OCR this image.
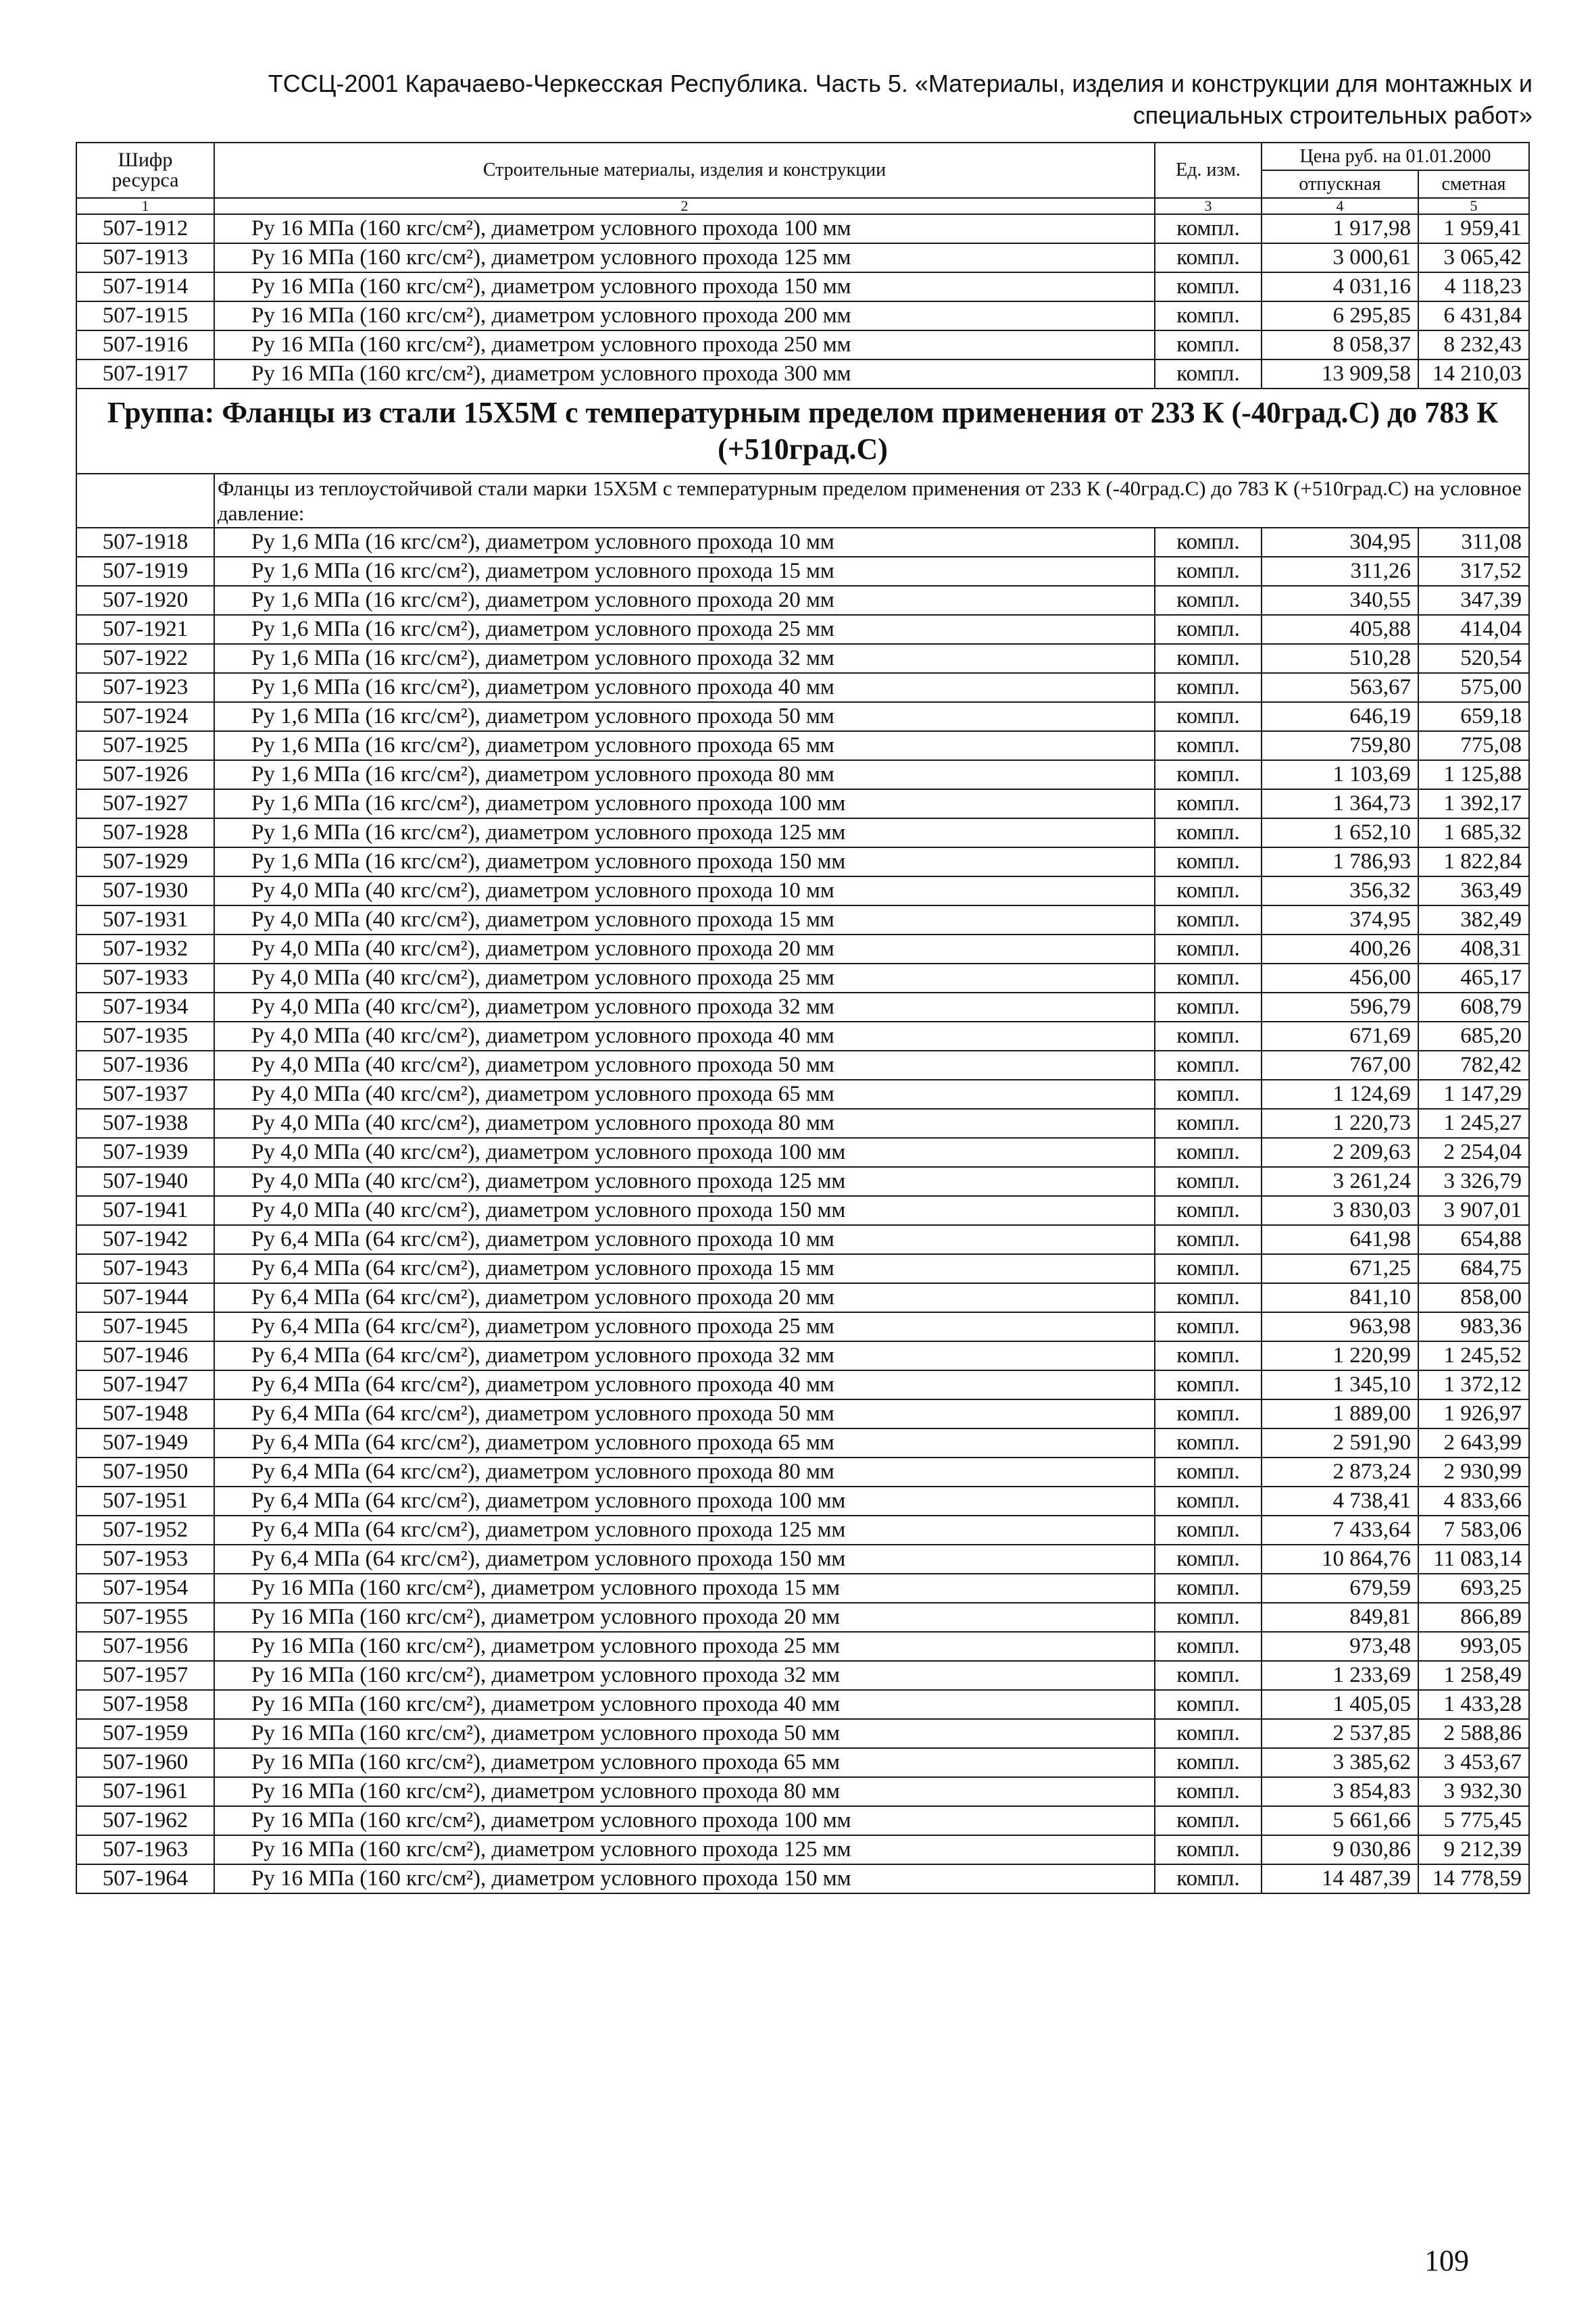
ТССЦ-2001 Карачаево-Черкесская Республика. Часть 5. «Материалы, изделия и конструкции для монтажных и
специальных строительных работ»
Шифр ресурса	Строительные материалы, изделия и конструкции	Ед. изм.	Цена руб. на 01.01.2000	
			отпускная	сметная
1	2	3	4	5
507-1912	Ру 16 МПа (160 кгс/см²), диаметром условного прохода 100 мм	компл.	1 917,98	1 959,41
507-1913	Ру 16 МПа (160 кгс/см²), диаметром условного прохода 125 мм	компл.	3 000,61	3 065,42
507-1914	Ру 16 МПа (160 кгс/см²), диаметром условного прохода 150 мм	компл.	4 031,16	4 118,23
507-1915	Ру 16 МПа (160 кгс/см²), диаметром условного прохода 200 мм	компл.	6 295,85	6 431,84
507-1916	Ру 16 МПа (160 кгс/см²), диаметром условного прохода 250 мм	компл.	8 058,37	8 232,43
507-1917	Ру 16 МПа (160 кгс/см²), диаметром условного прохода 300 мм	компл.	13 909,58	14 210,03
Группа: Фланцы из стали 15Х5М с температурным пределом применения от 233 К (-40град.С) до 783 К (+510град.С)				
	Фланцы из теплоустойчивой стали марки 15Х5М с температурным пределом применения от 233 К (-40град.С) до 783 К (+510град.С) на условное давление:			
507-1918	Ру 1,6 МПа (16 кгс/см²), диаметром условного прохода 10 мм	компл.	304,95	311,08
507-1919	Ру 1,6 МПа (16 кгс/см²), диаметром условного прохода 15 мм	компл.	311,26	317,52
507-1920	Ру 1,6 МПа (16 кгс/см²), диаметром условного прохода 20 мм	компл.	340,55	347,39
507-1921	Ру 1,6 МПа (16 кгс/см²), диаметром условного прохода 25 мм	компл.	405,88	414,04
507-1922	Ру 1,6 МПа (16 кгс/см²), диаметром условного прохода 32 мм	компл.	510,28	520,54
507-1923	Ру 1,6 МПа (16 кгс/см²), диаметром условного прохода 40 мм	компл.	563,67	575,00
507-1924	Ру 1,6 МПа (16 кгс/см²), диаметром условного прохода 50 мм	компл.	646,19	659,18
507-1925	Ру 1,6 МПа (16 кгс/см²), диаметром условного прохода 65 мм	компл.	759,80	775,08
507-1926	Ру 1,6 МПа (16 кгс/см²), диаметром условного прохода 80 мм	компл.	1 103,69	1 125,88
507-1927	Ру 1,6 МПа (16 кгс/см²), диаметром условного прохода 100 мм	компл.	1 364,73	1 392,17
507-1928	Ру 1,6 МПа (16 кгс/см²), диаметром условного прохода 125 мм	компл.	1 652,10	1 685,32
507-1929	Ру 1,6 МПа (16 кгс/см²), диаметром условного прохода 150 мм	компл.	1 786,93	1 822,84
507-1930	Ру 4,0 МПа (40 кгс/см²), диаметром условного прохода 10 мм	компл.	356,32	363,49
507-1931	Ру 4,0 МПа (40 кгс/см²), диаметром условного прохода 15 мм	компл.	374,95	382,49
507-1932	Ру 4,0 МПа (40 кгс/см²), диаметром условного прохода 20 мм	компл.	400,26	408,31
507-1933	Ру 4,0 МПа (40 кгс/см²), диаметром условного прохода 25 мм	компл.	456,00	465,17
507-1934	Ру 4,0 МПа (40 кгс/см²), диаметром условного прохода 32 мм	компл.	596,79	608,79
507-1935	Ру 4,0 МПа (40 кгс/см²), диаметром условного прохода 40 мм	компл.	671,69	685,20
507-1936	Ру 4,0 МПа (40 кгс/см²), диаметром условного прохода 50 мм	компл.	767,00	782,42
507-1937	Ру 4,0 МПа (40 кгс/см²), диаметром условного прохода 65 мм	компл.	1 124,69	1 147,29
507-1938	Ру 4,0 МПа (40 кгс/см²), диаметром условного прохода 80 мм	компл.	1 220,73	1 245,27
507-1939	Ру 4,0 МПа (40 кгс/см²), диаметром условного прохода 100 мм	компл.	2 209,63	2 254,04
507-1940	Ру 4,0 МПа (40 кгс/см²), диаметром условного прохода 125 мм	компл.	3 261,24	3 326,79
507-1941	Ру 4,0 МПа (40 кгс/см²), диаметром условного прохода 150 мм	компл.	3 830,03	3 907,01
507-1942	Ру 6,4 МПа (64 кгс/см²), диаметром условного прохода 10 мм	компл.	641,98	654,88
507-1943	Ру 6,4 МПа (64 кгс/см²), диаметром условного прохода 15 мм	компл.	671,25	684,75
507-1944	Ру 6,4 МПа (64 кгс/см²), диаметром условного прохода 20 мм	компл.	841,10	858,00
507-1945	Ру 6,4 МПа (64 кгс/см²), диаметром условного прохода 25 мм	компл.	963,98	983,36
507-1946	Ру 6,4 МПа (64 кгс/см²), диаметром условного прохода 32 мм	компл.	1 220,99	1 245,52
507-1947	Ру 6,4 МПа (64 кгс/см²), диаметром условного прохода 40 мм	компл.	1 345,10	1 372,12
507-1948	Ру 6,4 МПа (64 кгс/см²), диаметром условного прохода 50 мм	компл.	1 889,00	1 926,97
507-1949	Ру 6,4 МПа (64 кгс/см²), диаметром условного прохода 65 мм	компл.	2 591,90	2 643,99
507-1950	Ру 6,4 МПа (64 кгс/см²), диаметром условного прохода 80 мм	компл.	2 873,24	2 930,99
507-1951	Ру 6,4 МПа (64 кгс/см²), диаметром условного прохода 100 мм	компл.	4 738,41	4 833,66
507-1952	Ру 6,4 МПа (64 кгс/см²), диаметром условного прохода 125 мм	компл.	7 433,64	7 583,06
507-1953	Ру 6,4 МПа (64 кгс/см²), диаметром условного прохода 150 мм	компл.	10 864,76	11 083,14
507-1954	Ру 16 МПа (160 кгс/см²), диаметром условного прохода 15 мм	компл.	679,59	693,25
507-1955	Ру 16 МПа (160 кгс/см²), диаметром условного прохода 20 мм	компл.	849,81	866,89
507-1956	Ру 16 МПа (160 кгс/см²), диаметром условного прохода 25 мм	компл.	973,48	993,05
507-1957	Ру 16 МПа (160 кгс/см²), диаметром условного прохода 32 мм	компл.	1 233,69	1 258,49
507-1958	Ру 16 МПа (160 кгс/см²), диаметром условного прохода 40 мм	компл.	1 405,05	1 433,28
507-1959	Ру 16 МПа (160 кгс/см²), диаметром условного прохода 50 мм	компл.	2 537,85	2 588,86
507-1960	Ру 16 МПа (160 кгс/см²), диаметром условного прохода 65 мм	компл.	3 385,62	3 453,67
507-1961	Ру 16 МПа (160 кгс/см²), диаметром условного прохода 80 мм	компл.	3 854,83	3 932,30
507-1962	Ру 16 МПа (160 кгс/см²), диаметром условного прохода 100 мм	компл.	5 661,66	5 775,45
507-1963	Ру 16 МПа (160 кгс/см²), диаметром условного прохода 125 мм	компл.	9 030,86	9 212,39
507-1964	Ру 16 МПа (160 кгс/см²), диаметром условного прохода 150 мм	компл.	14 487,39	14 778,59
109
